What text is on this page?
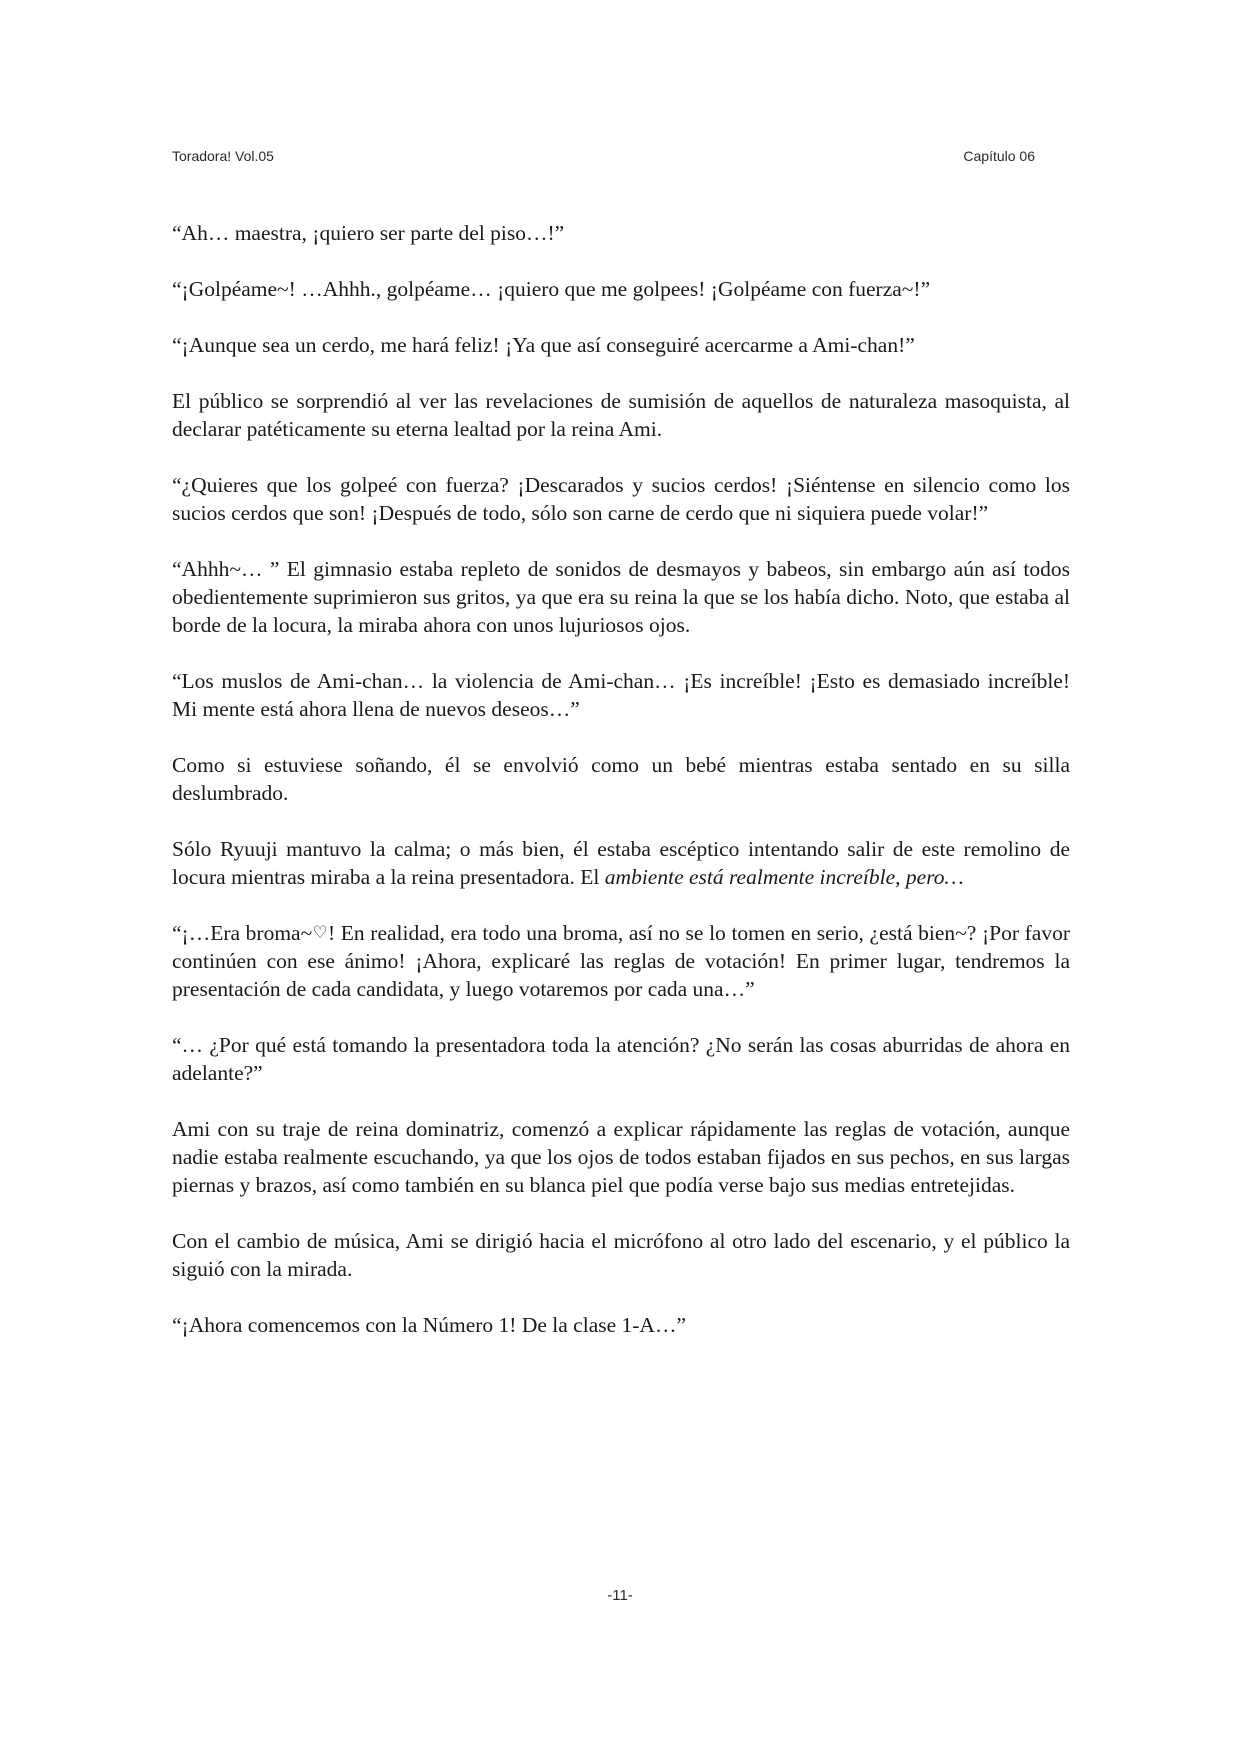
Toradora! Vol.05	Capítulo 06

“Ah… maestra, ¡quiero ser parte del piso…!”

“¡Golpéame~! …Ahhh., golpéame… ¡quiero que me golpees! ¡Golpéame con fuerza~!”

“¡Aunque sea un cerdo, me hará feliz! ¡Ya que así conseguiré acercarme a Ami-chan!”

El público se sorprendió al ver las revelaciones de sumisión de aquellos de naturaleza masoquista, al declarar patéticamente su eterna lealtad por la reina Ami.

“¿Quieres que los golpeé con fuerza? ¡Descarados y sucios cerdos! ¡Siéntense en silencio como los sucios cerdos que son! ¡Después de todo, sólo son carne de cerdo que ni siquiera puede volar!”

“Ahhh~… ” El gimnasio estaba repleto de sonidos de desmayos y babeos, sin embargo aún así todos obedientemente suprimieron sus gritos, ya que era su reina la que se los había dicho. Noto, que estaba al borde de la locura, la miraba ahora con unos lujuriosos ojos.

“Los muslos de Ami-chan… la violencia de Ami-chan… ¡Es increíble! ¡Esto es demasiado increíble! Mi mente está ahora llena de nuevos deseos…”

Como si estuviese soñando, él se envolvió como un bebé mientras estaba sentado en su silla deslumbrado.

Sólo Ryuuji mantuvo la calma; o más bien, él estaba escéptico intentando salir de este remolino de locura mientras miraba a la reina presentadora. El ambiente está realmente increíble, pero…

“¡…Era broma~♡! En realidad, era todo una broma, así no se lo tomen en serio, ¿está bien~? ¡Por favor continúen con ese ánimo! ¡Ahora, explicaré las reglas de votación! En primer lugar, tendremos la presentación de cada candidata, y luego votaremos por cada una…”

“… ¿Por qué está tomando la presentadora toda la atención? ¿No serán las cosas aburridas de ahora en adelante?”

Ami con su traje de reina dominatriz, comenzó a explicar rápidamente las reglas de votación, aunque nadie estaba realmente escuchando, ya que los ojos de todos estaban fijados en sus pechos, en sus largas piernas y brazos, así como también en su blanca piel que podía verse bajo sus medias entretejidas.

Con el cambio de música, Ami se dirigió hacia el micrófono al otro lado del escenario, y el público la siguió con la mirada.

“¡Ahora comencemos con la Número 1! De la clase 1-A…”

-11-
